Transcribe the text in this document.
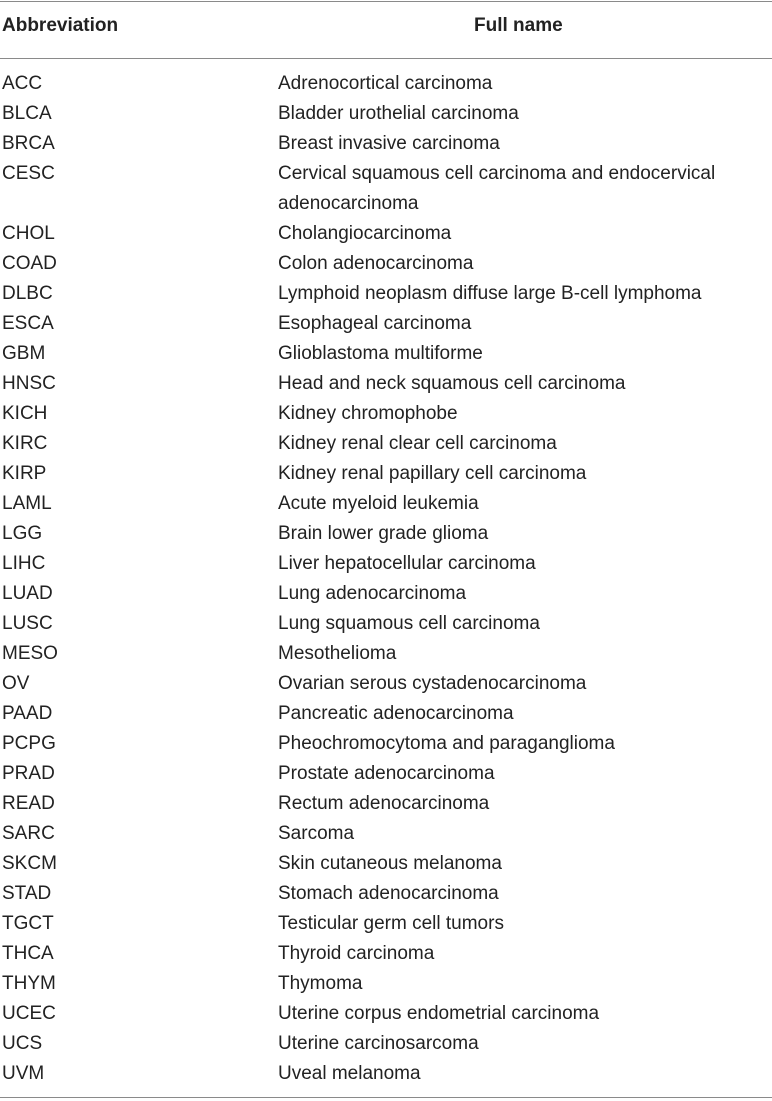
Abbreviation	Full name
ACC	Adrenocortical carcinoma
BLCA	Bladder urothelial carcinoma
BRCA	Breast invasive carcinoma
CESC	Cervical squamous cell carcinoma and endocervical adenocarcinoma
CHOL	Cholangiocarcinoma
COAD	Colon adenocarcinoma
DLBC	Lymphoid neoplasm diffuse large B-cell lymphoma
ESCA	Esophageal carcinoma
GBM	Glioblastoma multiforme
HNSC	Head and neck squamous cell carcinoma
KICH	Kidney chromophobe
KIRC	Kidney renal clear cell carcinoma
KIRP	Kidney renal papillary cell carcinoma
LAML	Acute myeloid leukemia
LGG	Brain lower grade glioma
LIHC	Liver hepatocellular carcinoma
LUAD	Lung adenocarcinoma
LUSC	Lung squamous cell carcinoma
MESO	Mesothelioma
OV	Ovarian serous cystadenocarcinoma
PAAD	Pancreatic adenocarcinoma
PCPG	Pheochromocytoma and paraganglioma
PRAD	Prostate adenocarcinoma
READ	Rectum adenocarcinoma
SARC	Sarcoma
SKCM	Skin cutaneous melanoma
STAD	Stomach adenocarcinoma
TGCT	Testicular germ cell tumors
THCA	Thyroid carcinoma
THYM	Thymoma
UCEC	Uterine corpus endometrial carcinoma
UCS	Uterine carcinosarcoma
UVM	Uveal melanoma
